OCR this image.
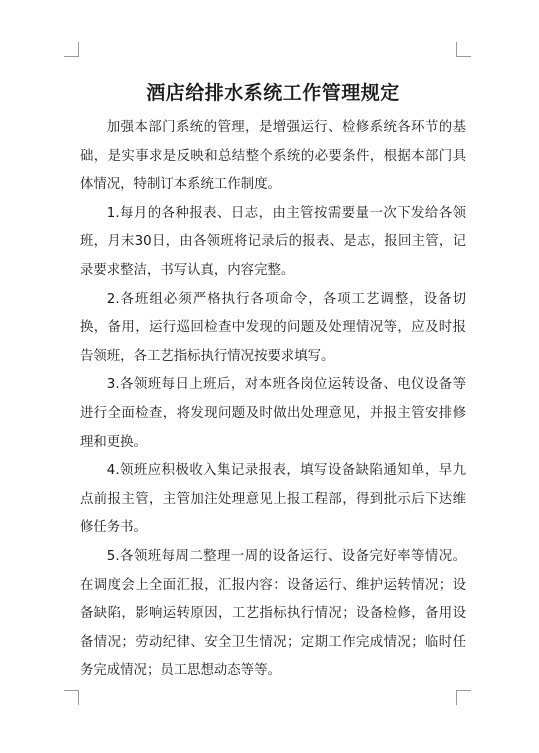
酒店给排水系统工作管理规定

加强本部门系统的管理，是增强运行、检修系统各环节的基础，是实事求是反映和总结整个系统的必要条件，根据本部门具体情况，特制订本系统工作制度。

1.每月的各种报表、日志，由主管按需要量一次下发给各领班，月末30日，由各领班将记录后的报表、是志，报回主管，记录要求整洁，书写认真，内容完整。

2.各班组必须严格执行各项命令，各项工艺调整，设备切换，备用，运行巡回检查中发现的问题及处理情况等，应及时报告领班，各工艺指标执行情况按要求填写。

3.各领班每日上班后，对本班各岗位运转设备、电仪设备等进行全面检查，将发现问题及时做出处理意见，并报主管安排修理和更换。

4.领班应积极收入集记录报表，填写设备缺陷通知单，早九点前报主管，主管加注处理意见上报工程部，得到批示后下达维修任务书。

5.各领班每周二整理一周的设备运行、设备完好率等情况。在调度会上全面汇报，汇报内容：设备运行、维护运转情况；设备缺陷，影响运转原因，工艺指标执行情况；设备检修，备用设备情况；劳动纪律、安全卫生情况；定期工作完成情况；临时任务完成情况；员工思想动态等等。
